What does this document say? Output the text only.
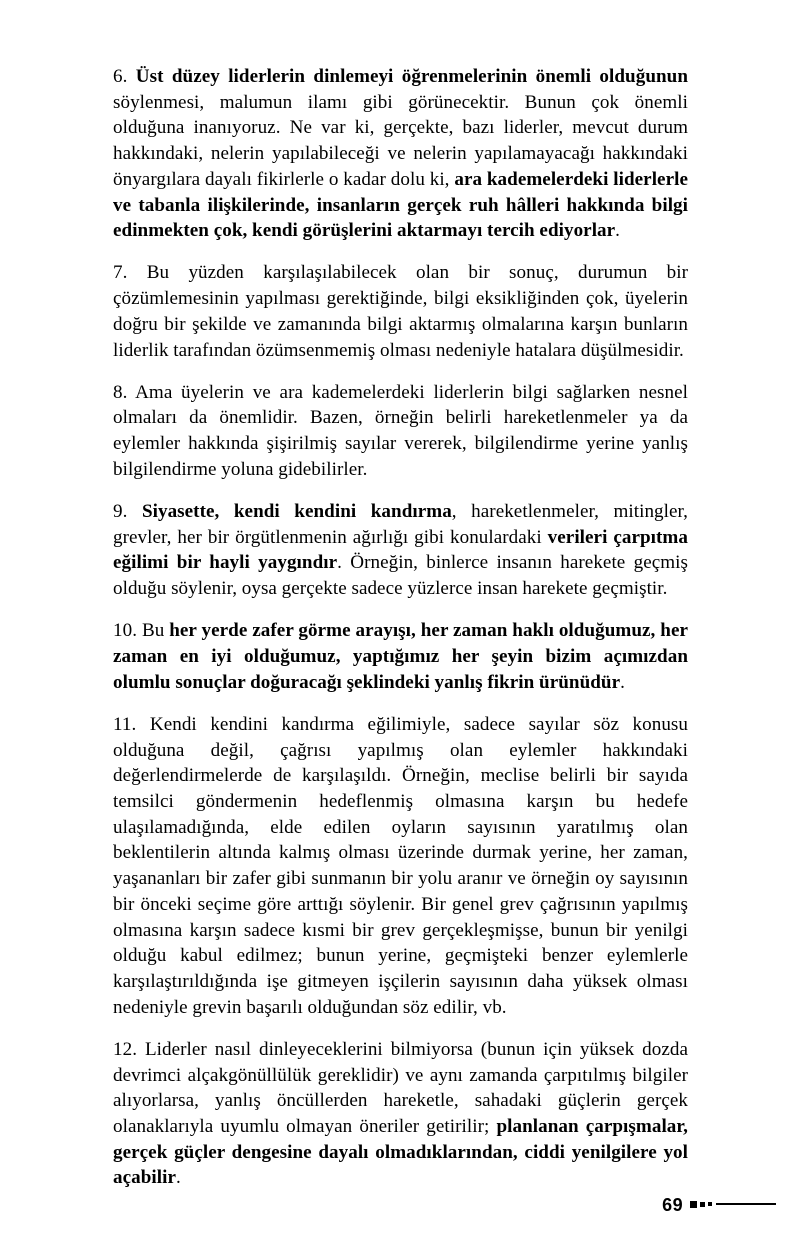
6. Üst düzey liderlerin dinlemeyi öğrenmelerinin önemli olduğunun söylenmesi, malumun ilamı gibi görünecektir. Bunun çok önemli olduğuna inanıyoruz. Ne var ki, gerçekte, bazı liderler, mevcut durum hakkındaki, nelerin yapılabileceği ve nelerin yapılamayacağı hakkındaki önyargılara dayalı fikirlerle o kadar dolu ki, ara kademelerdeki liderlerle ve tabanla ilişkilerinde, insanların gerçek ruh hâlleri hakkında bilgi edinmekten çok, kendi görüşlerini aktarmayı tercih ediyorlar.

7. Bu yüzden karşılaşılabilecek olan bir sonuç, durumun bir çözümlemesinin yapılması gerektiğinde, bilgi eksikliğinden çok, üyelerin doğru bir şekilde ve zamanında bilgi aktarmış olmalarına karşın bunların liderlik tarafından özümsenmemiş olması nedeniyle hatalara düşülmesidir.

8. Ama üyelerin ve ara kademelerdeki liderlerin bilgi sağlarken nesnel olmaları da önemlidir. Bazen, örneğin belirli hareketlenmeler ya da eylemler hakkında şişirilmiş sayılar vererek, bilgilendirme yerine yanlış bilgilendirme yoluna gidebilirler.

9. Siyasette, kendi kendini kandırma, hareketlenmeler, mitingler, grevler, her bir örgütlenmenin ağırlığı gibi konulardaki verileri çarpıtma eğilimi bir hayli yaygındır. Örneğin, binlerce insanın harekete geçmiş olduğu söylenir, oysa gerçekte sadece yüzlerce insan harekete geçmiştir.

10. Bu her yerde zafer görme arayışı, her zaman haklı olduğumuz, her zaman en iyi olduğumuz, yaptığımız her şeyin bizim açımızdan olumlu sonuçlar doğuracağı şeklindeki yanlış fikrin ürünüdür.

11. Kendi kendini kandırma eğilimiyle, sadece sayılar söz konusu olduğuna değil, çağrısı yapılmış olan eylemler hakkındaki değerlendirmelerde de karşılaşıldı. Örneğin, meclise belirli bir sayıda temsilci göndermenin hedeflenmiş olmasına karşın bu hedefe ulaşılamadığında, elde edilen oyların sayısının yaratılmış olan beklentilerin altında kalmış olması üzerinde durmak yerine, her zaman, yaşananları bir zafer gibi sunmanın bir yolu aranır ve örneğin oy sayısının bir önceki seçime göre arttığı söylenir. Bir genel grev çağrısının yapılmış olmasına karşın sadece kısmi bir grev gerçekleşmişse, bunun bir yenilgi olduğu kabul edilmez; bunun yerine, geçmişteki benzer eylemlerle karşılaştırıldığında işe gitmeyen işçilerin sayısının daha yüksek olması nedeniyle grevin başarılı olduğundan söz edilir, vb.

12. Liderler nasıl dinleyeceklerini bilmiyorsa (bunun için yüksek dozda devrimci alçakgönüllülük gereklidir) ve aynı zamanda çarpıtılmış bilgiler alıyorlarsa, yanlış öncüllerden hareketle, sahadaki güçlerin gerçek olanaklarıyla uyumlu olmayan öneriler getirilir; planlanan çarpışmalar, gerçek güçler dengesine dayalı olmadıklarından, ciddi yenilgilere yol açabilir.

69
